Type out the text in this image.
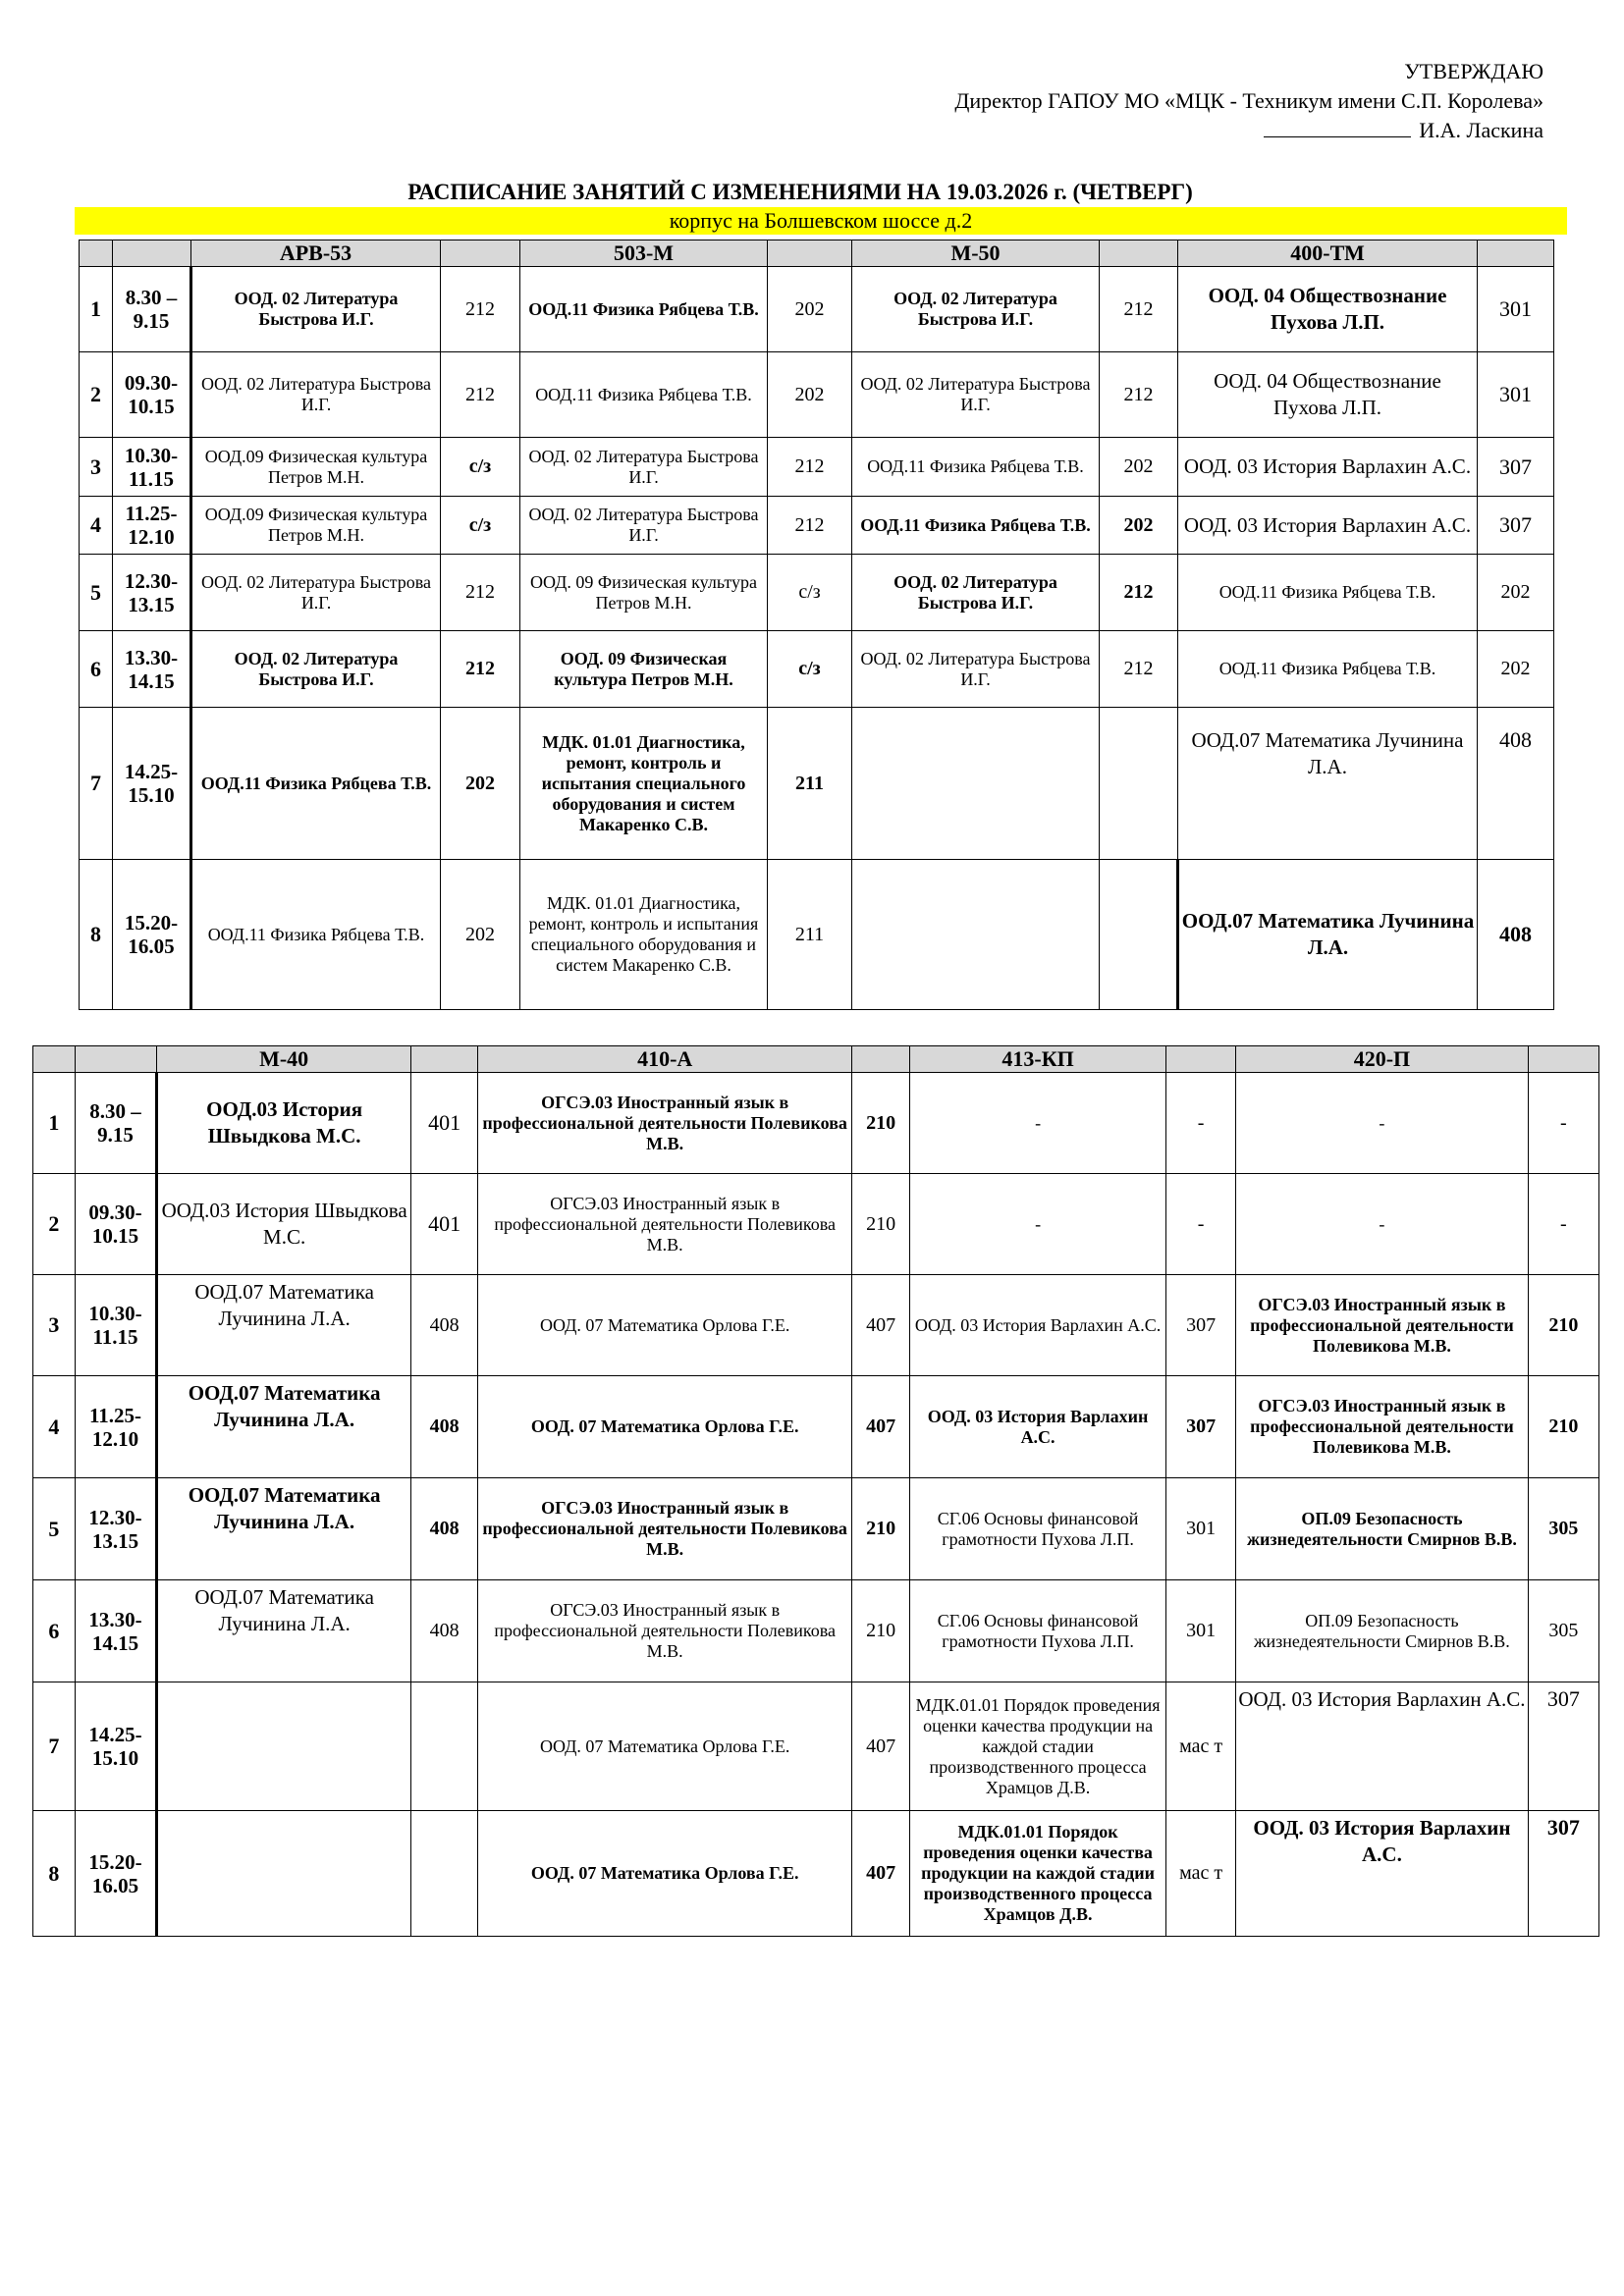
УТВЕРЖДАЮ
Директор ГАПОУ МО «МЦК - Техникум имени С.П. Королева»
И.А. Ласкина
РАСПИСАНИЕ ЗАНЯТИЙ С ИЗМЕНЕНИЯМИ НА 19.03.2026 г. (ЧЕТВЕРГ)
корпус на Болшевском шоссе д.2
		АРВ-53		503-М		М-50		400-ТМ	
1	8.30 – 9.15	ООД. 02 Литература Быстрова И.Г.	212	ООД.11 Физика Рябцева Т.В.	202	ООД. 02 Литература Быстрова И.Г.	212	ООД. 04 Обществознание Пухова Л.П.	301
2	09.30-10.15	ООД. 02 Литература Быстрова И.Г.	212	ООД.11 Физика Рябцева Т.В.	202	ООД. 02 Литература Быстрова И.Г.	212	ООД. 04 Обществознание Пухова Л.П.	301
3	10.30-11.15	ООД.09 Физическая культура Петров М.Н.	с/з	ООД. 02 Литература Быстрова И.Г.	212	ООД.11 Физика Рябцева Т.В.	202	ООД. 03 История Варлахин А.С.	307
4	11.25-12.10	ООД.09 Физическая культура Петров М.Н.	с/з	ООД. 02 Литература Быстрова И.Г.	212	ООД.11 Физика Рябцева Т.В.	202	ООД. 03 История Варлахин А.С.	307
5	12.30-13.15	ООД. 02 Литература Быстрова И.Г.	212	ООД. 09 Физическая культура Петров М.Н.	с/з	ООД. 02 Литература Быстрова И.Г.	212	ООД.11 Физика Рябцева Т.В.	202
6	13.30-14.15	ООД. 02 Литература Быстрова И.Г.	212	ООД. 09 Физическая культура Петров М.Н.	с/з	ООД. 02 Литература Быстрова И.Г.	212	ООД.11 Физика Рябцева Т.В.	202
7	14.25-15.10	ООД.11 Физика Рябцева Т.В.	202	МДК. 01.01 Диагностика, ремонт, контроль и испытания специального оборудования и систем Макаренко С.В.	211			ООД.07 Математика Лучинина Л.А.	408
8	15.20-16.05	ООД.11 Физика Рябцева Т.В.	202	МДК. 01.01 Диагностика, ремонт, контроль и испытания специального оборудования и систем Макаренко С.В.	211			ООД.07 Математика Лучинина Л.А.	408
		М-40		410-А		413-КП		420-П	
1	8.30 – 9.15	ООД.03 История Швыдкова М.С.	401	ОГСЭ.03 Иностранный язык в профессиональной деятельности Полевикова М.В.	210	-	-	-	-
2	09.30-10.15	ООД.03 История Швыдкова М.С.	401	ОГСЭ.03 Иностранный язык в профессиональной деятельности Полевикова М.В.	210	-	-	-	-
3	10.30-11.15	ООД.07 Математика Лучинина Л.А.	408	ООД. 07 Математика Орлова Г.Е.	407	ООД. 03 История Варлахин А.С.	307	ОГСЭ.03 Иностранный язык в профессиональной деятельности Полевикова М.В.	210
4	11.25-12.10	ООД.07 Математика Лучинина Л.А.	408	ООД. 07 Математика Орлова Г.Е.	407	ООД. 03 История Варлахин А.С.	307	ОГСЭ.03 Иностранный язык в профессиональной деятельности Полевикова М.В.	210
5	12.30-13.15	ООД.07 Математика Лучинина Л.А.	408	ОГСЭ.03 Иностранный язык в профессиональной деятельности Полевикова М.В.	210	СГ.06 Основы финансовой грамотности Пухова Л.П.	301	ОП.09 Безопасность жизнедеятельности Смирнов В.В.	305
6	13.30-14.15	ООД.07 Математика Лучинина Л.А.	408	ОГСЭ.03 Иностранный язык в профессиональной деятельности Полевикова М.В.	210	СГ.06 Основы финансовой грамотности Пухова Л.П.	301	ОП.09 Безопасность жизнедеятельности Смирнов В.В.	305
7	14.25-15.10			ООД. 07 Математика Орлова Г.Е.	407	МДК.01.01 Порядок проведения оценки качества продукции на каждой стадии производственного процесса Храмцов Д.В.	мас т	ООД. 03 История Варлахин А.С.	307
8	15.20-16.05			ООД. 07 Математика Орлова Г.Е.	407	МДК.01.01 Порядок проведения оценки качества продукции на каждой стадии производственного процесса Храмцов Д.В.	мас т	ООД. 03 История Варлахин А.С.	307
